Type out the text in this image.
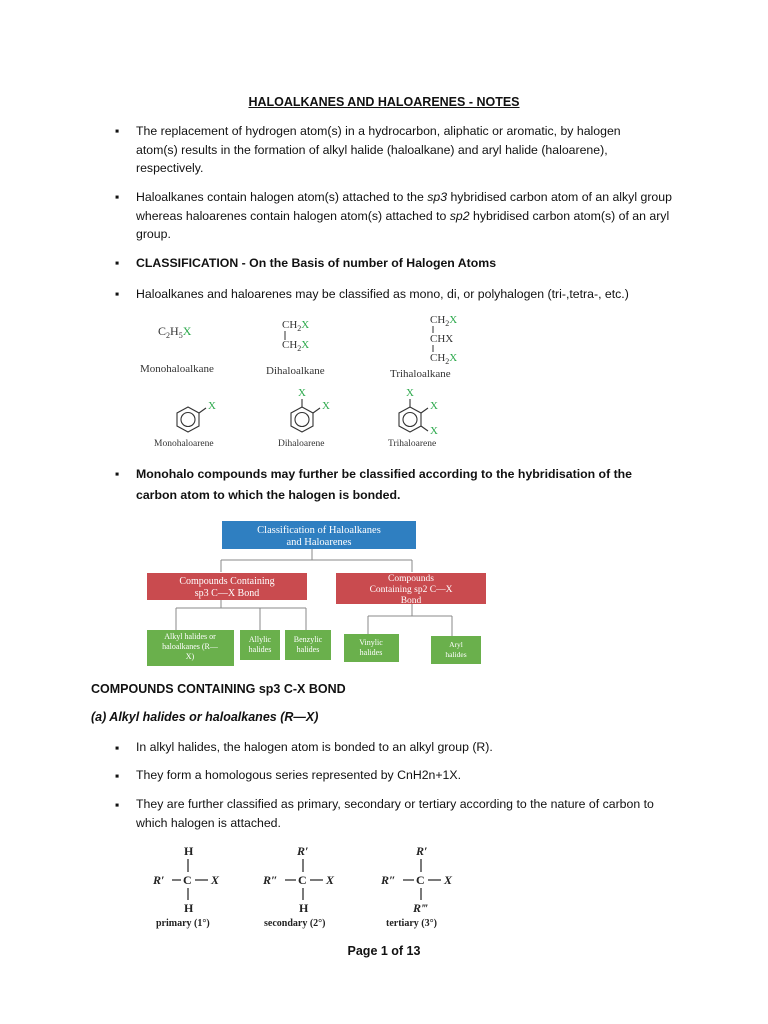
HALOALKANES AND HALOARENES - NOTES
▪ The replacement of hydrogen atom(s) in a hydrocarbon, aliphatic or aromatic, by halogen atom(s) results in the formation of alkyl halide (haloalkane) and aryl halide (haloarene), respectively.
▪ Haloalkanes contain halogen atom(s) attached to the sp3 hybridised carbon atom of an alkyl group whereas haloarenes contain halogen atom(s) attached to sp2 hybridised carbon atom(s) of an aryl group.
▪ CLASSIFICATION - On the Basis of number of Halogen Atoms
▪ Haloalkanes and haloarenes may be classified as mono, di, or polyhalogen (tri-,tetra-, etc.)
$C_2H_5X$
Monohaloalkane
$CH_2X$
$CH_2X$
Dihaloalkane
$CH_2X$
CHX
$CH_2X$
Trihaloalkane
X
Monohaloarene
X
X
Dihaloarene
X
X
X
Trihaloarene
▪ Monohalo compounds may further be classified according to the hybridisation of the carbon atom to which the halogen is bonded.
Classification of Haloalkanes
and Haloarenes
Compounds Containing
sp3 C—X Bond
Compounds
Containing sp2 C—X
Bond
Alkyl halides or
haloalkanes (R—
X)
Allylic
halides
Benzylic
halides
Vinylic
halides
Aryl
halides
COMPOUNDS CONTAINING sp3 C-X BOND
(a) Alkyl halides or haloalkanes (R—X)
▪ In alkyl halides, the halogen atom is bonded to an alkyl group (R).
▪ They form a homologous series represented by CnH2n+1X.
▪ They are further classified as primary, secondary or tertiary according to the nature of carbon to which halogen is attached.
H
R′ C X
H
R′
R″ C X
H
R′
R″ C X
R‴
primary (1°)	secondary (2°)	tertiary (3°)
Page 1 of 13
